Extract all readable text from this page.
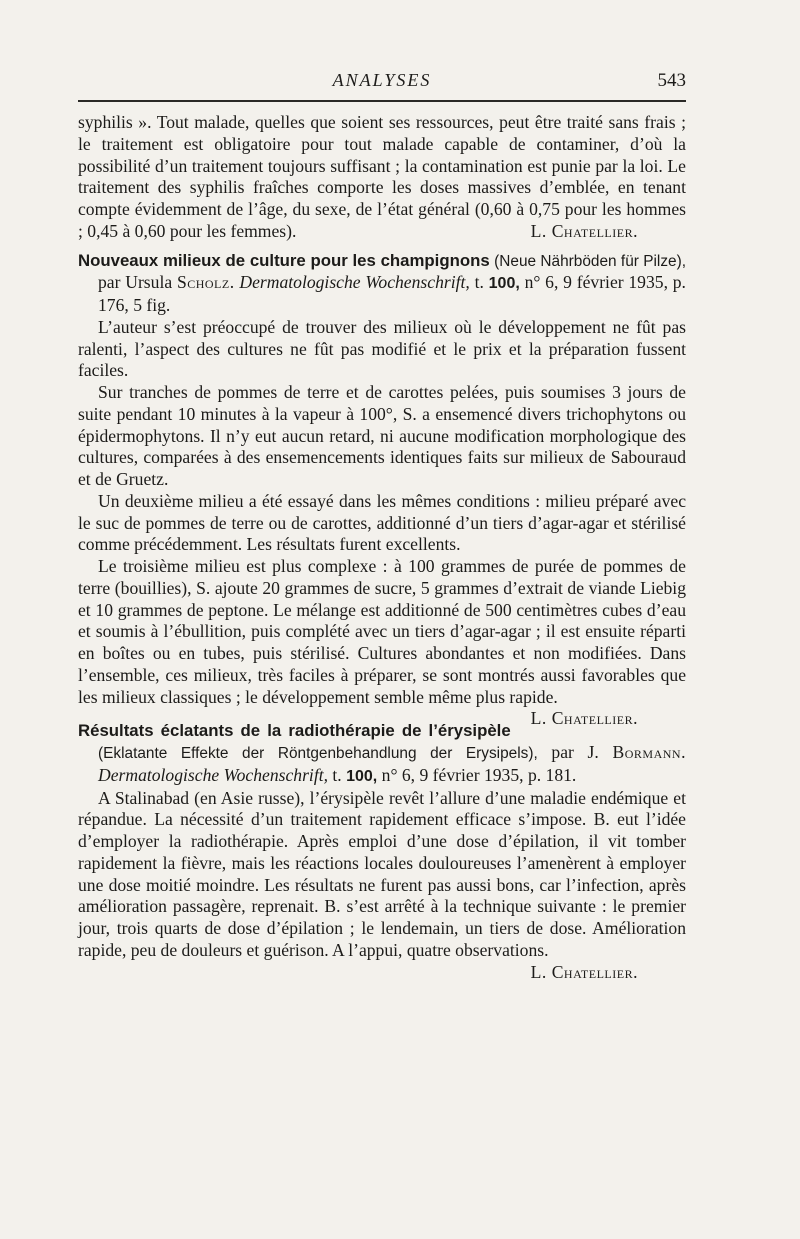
ANALYSES	543

syphilis ». Tout malade, quelles que soient ses ressources, peut être traité sans frais ; le traitement est obligatoire pour tout malade capable de contaminer, d’où la possibilité d’un traitement toujours suffisant ; la contamination est punie par la loi. Le traitement des syphilis fraîches comporte les doses massives d’emblée, en tenant compte évidemment de l’âge, du sexe, de l’état général (0,60 à 0,75 pour les hommes ; 0,45 à 0,60 pour les femmes).	L. Chatellier.

Nouveaux milieux de culture pour les champignons (Neue Nährböden für Pilze), par Ursula Scholz. Dermatologische Wochenschrift, t. 100, n° 6, 9 février 1935, p. 176, 5 fig.

L’auteur s’est préoccupé de trouver des milieux où le développement ne fût pas ralenti, l’aspect des cultures ne fût pas modifié et le prix et la préparation fussent faciles.

Sur tranches de pommes de terre et de carottes pelées, puis soumises 3 jours de suite pendant 10 minutes à la vapeur à 100°, S. a ensemencé divers trichophytons ou épidermophytons. Il n’y eut aucun retard, ni aucune modification morphologique des cultures, comparées à des ensemencements identiques faits sur milieux de Sabouraud et de Gruetz.

Un deuxième milieu a été essayé dans les mêmes conditions : milieu préparé avec le suc de pommes de terre ou de carottes, additionné d’un tiers d’agar-agar et stérilisé comme précédemment. Les résultats furent excellents.

Le troisième milieu est plus complexe : à 100 grammes de purée de pommes de terre (bouillies), S. ajoute 20 grammes de sucre, 5 grammes d’extrait de viande Liebig et 10 grammes de peptone. Le mélange est additionné de 500 centimètres cubes d’eau et soumis à l’ébullition, puis complété avec un tiers d’agar-agar ; il est ensuite réparti en boîtes ou en tubes, puis stérilisé. Cultures abondantes et non modifiées. Dans l’ensemble, ces milieux, très faciles à préparer, se sont montrés aussi favorables que les milieux classiques ; le développement semble même plus rapide.
L. Chatellier.

Résultats éclatants de la radiothérapie de l’érysipèle (Eklatante Effekte der Röntgenbehandlung der Erysipels), par J. Bormann. Dermatologische Wochenschrift, t. 100, n° 6, 9 février 1935, p. 181.

A Stalinabad (en Asie russe), l’érysipèle revêt l’allure d’une maladie endémique et répandue. La nécessité d’un traitement rapidement efficace s’impose. B. eut l’idée d’employer la radiothérapie. Après emploi d’une dose d’épilation, il vit tomber rapidement la fièvre, mais les réactions locales douloureuses l’amenèrent à employer une dose moitié moindre. Les résultats ne furent pas aussi bons, car l’infection, après amélioration passagère, reprenait. B. s’est arrêté à la technique suivante : le premier jour, trois quarts de dose d’épilation ; le lendemain, un tiers de dose. Amélioration rapide, peu de douleurs et guérison. A l’appui, quatre observations.
L. Chatellier.
